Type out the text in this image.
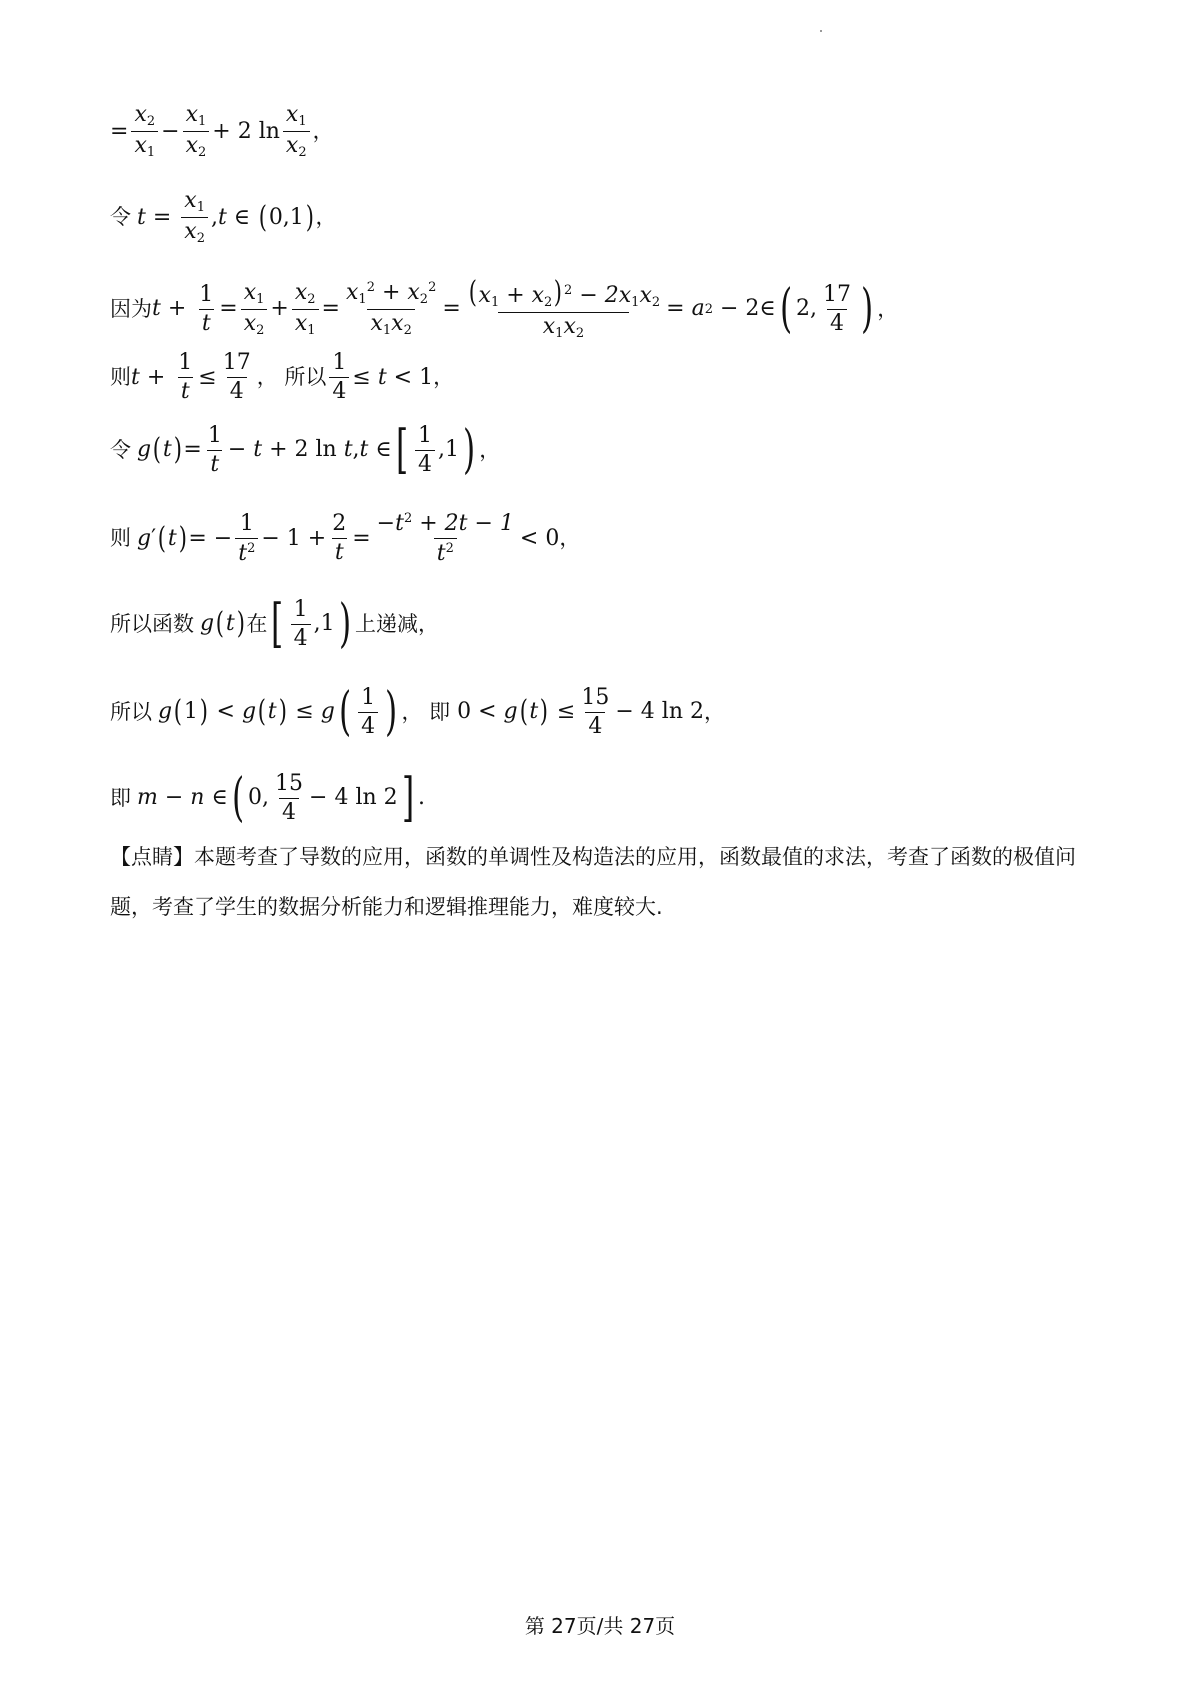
= $\frac{x_2}{x_1} - \frac{x_1}{x_2} + 2$ $\ln \frac{x_1}{x_2}$ ，
令 $t = \frac{x_1}{x_2}$ , t ∈ ( 0,1 ) ，
因为 $t + \frac{1}{t} = \frac{x_1}{x_2} + \frac{x_2}{x_1} = \frac{x_1^2 + x_2^2}{x_1x_2} = \frac{(x_1 + x_2) ^2 - 2x_1x_2}{x_1x_2} = a$ 2 − 2∈ ( 2, $\frac{17}{4}$ ) ，
则 $t + \frac{1}{t} \le \frac{17}{4}$ ， 所以 $\frac{1}{4} \le t < 1$ ，
令 g ( t ) = $\frac{1}{t} - t + 2$ ln t , t ∈ [ $\frac{1}{4} ,1$ ) ，
则 g ′ ( t ) = − $\frac{1}{t^2} - 1 + \frac{2}{t} = \frac{-t^2 + 2t - 1}{t^2} < 0$ ，
所以函数 g ( t ) 在 [ $\frac{1}{4} ,1$ ) 上递减，
所以 g ( 1 ) < g ( t ) ≤ g ( $\frac{1}{4}$ ) ， 即 0 < g ( t ) ≤ $\frac{15}{4} - 4$ ln 2 ，
即 m − n ∈ ( 0, $\frac{15}{4} - 4$ ln 2 ] .
【点睛】本题考查了导数的应用，函数的单调性及构造法的应用，函数最值的求法，考查了函数的极值问题，考查了学生的数据分析能力和逻辑推理能力，难度较大.
第 27页/共 27页
